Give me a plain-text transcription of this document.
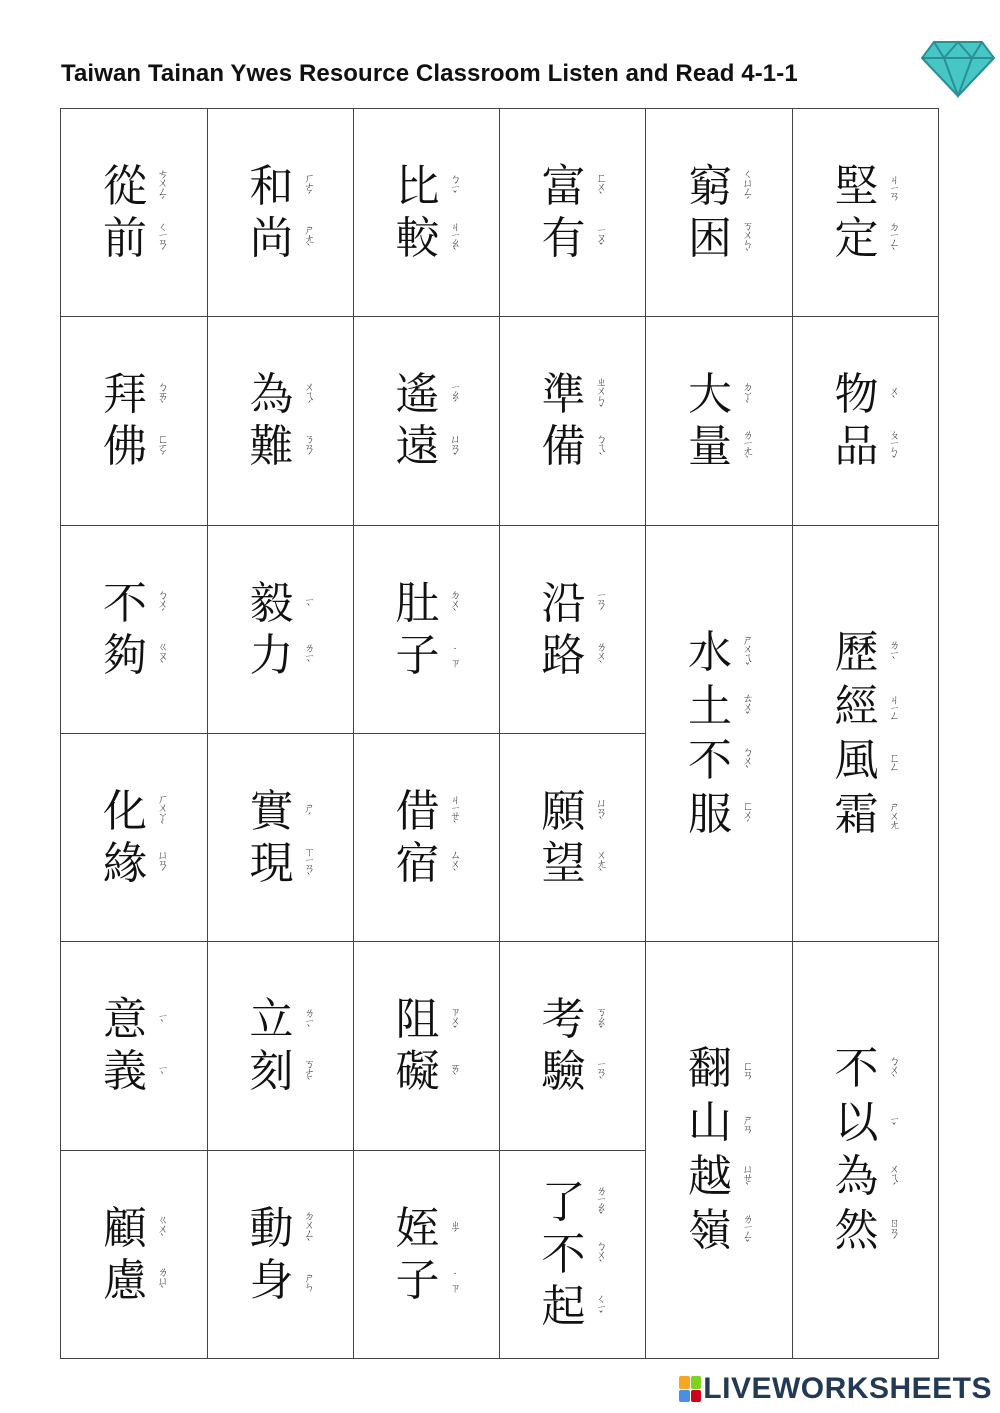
Taiwan Tainan Ywes Resource Classroom Listen and Read 4-1-1
從 ㄘㄨㄥˊ
前 ㄑㄧㄢˊ
和 ㄏㄜˊ
尚 ㄕㄤˋ
比 ㄅㄧˇ
較 ㄐㄧㄠˋ
富 ㄈㄨˋ
有 ㄧㄡˇ
窮 ㄑㄩㄥˊ
困 ㄎㄨㄣˋ
堅 ㄐㄧㄢ
定 ㄉㄧㄥˋ
拜 ㄅㄞˋ
佛 ㄈㄛˊ
為 ㄨㄟˊ
難 ㄋㄢˊ
遙 ㄧㄠˊ
遠 ㄩㄢˇ
準 ㄓㄨㄣˇ
備 ㄅㄟˋ
大 ㄉㄚˋ
量 ㄌㄧㄤˋ
物 ㄨˋ
品 ㄆㄧㄣˇ
不 ㄅㄨˊ
夠 ㄍㄡˋ
毅 ㄧˋ
力 ㄌㄧˋ
肚 ㄉㄨˋ
子 ˙ㄗ
沿 ㄧㄢˊ
路 ㄌㄨˋ 水 ㄕㄨㄟˇ
土 ㄊㄨˇ
不 ㄅㄨˋ
服 ㄈㄨˊ
歷 ㄌㄧˋ
經 ㄐㄧㄥ
風 ㄈㄥ
霜 ㄕㄨㄤ
化 ㄏㄨㄚˋ
緣 ㄩㄢˊ
實 ㄕˊ
現 ㄒㄧㄢˋ
借 ㄐㄧㄝˋ
宿 ㄙㄨˋ
願 ㄩㄢˋ
望 ㄨㄤˋ
意 ㄧˋ
義 ㄧˋ
立 ㄌㄧˋ
刻 ㄎㄜˋ
阻 ㄗㄨˇ
礙 ㄞˋ
考 ㄎㄠˇ
驗 ㄧㄢˋ 翻 ㄈㄢ
山 ㄕㄢ
越 ㄩㄝˋ
嶺 ㄌㄧㄥˇ
不 ㄅㄨˋ
以 ㄧˇ
為 ㄨㄟˊ
然 ㄖㄢˊ
顧 ㄍㄨˋ
慮 ㄌㄩˋ
動 ㄉㄨㄥˋ
身 ㄕㄣ
姪 ㄓˊ
子 ˙ㄗ
了 ㄌㄧㄠˇ
不 ㄅㄨˋ
起 ㄑㄧˇ
LIVEWORKSHEETS
